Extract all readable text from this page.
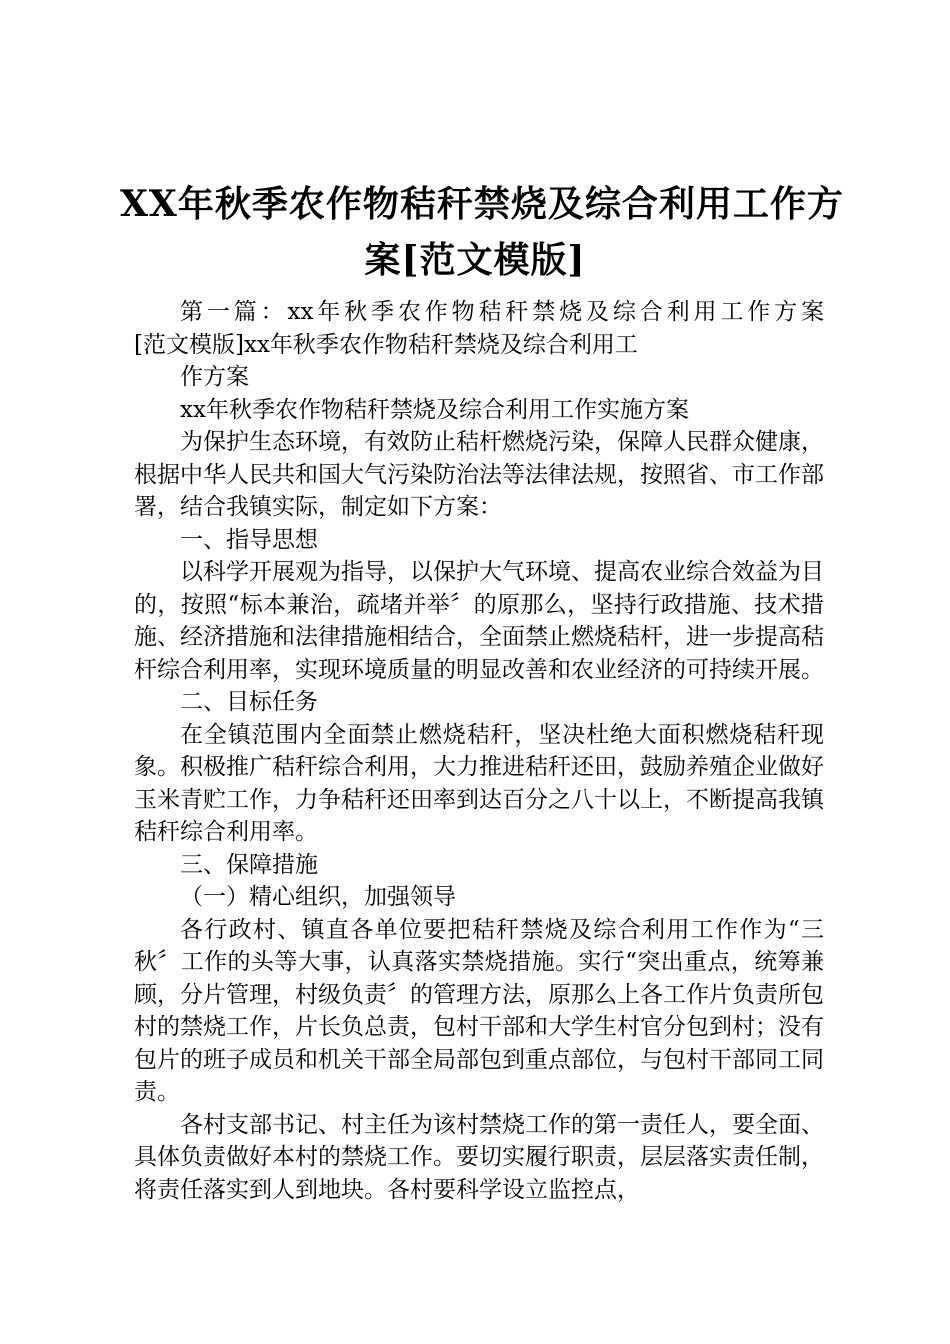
XX年秋季农作物秸秆禁烧及综合利用工作方
案[范文模版]

第一篇：xx年秋季农作物秸秆禁烧及综合利用工作方案

[范文模版]xx年秋季农作物秸秆禁烧及综合利用工

作方案

xx年秋季农作物秸秆禁烧及综合利用工作实施方案

为保护生态环境，有效防止秸杆燃烧污染，保障人民群众健康，根据中华人民共和国大气污染防治法等法律法规，按照省、市工作部署，结合我镇实际，制定如下方案：

一、指导思想

以科学开展观为指导，以保护大气环境、提高农业综合效益为目的，按照“标本兼治，疏堵并举〞的原那么，坚持行政措施、技术措施、经济措施和法律措施相结合，全面禁止燃烧秸杆，进一步提高秸杆综合利用率，实现环境质量的明显改善和农业经济的可持续开展。

二、目标任务

在全镇范围内全面禁止燃烧秸秆，坚决杜绝大面积燃烧秸秆现象。积极推广秸秆综合利用，大力推进秸秆还田，鼓励养殖企业做好玉米青贮工作，力争秸秆还田率到达百分之八十以上，不断提高我镇秸秆综合利用率。

三、保障措施

（一）精心组织，加强领导

各行政村、镇直各单位要把秸秆禁烧及综合利用工作作为“三秋〞工作的头等大事，认真落实禁烧措施。实行“突出重点，统筹兼顾，分片管理，村级负责〞的管理方法，原那么上各工作片负责所包村的禁烧工作，片长负总责，包村干部和大学生村官分包到村；没有包片的班子成员和机关干部全局部包到重点部位，与包村干部同工同责。

各村支部书记、村主任为该村禁烧工作的第一责任人，要全面、具体负责做好本村的禁烧工作。要切实履行职责，层层落实责任制，将责任落实到人到地块。各村要科学设立监控点，
